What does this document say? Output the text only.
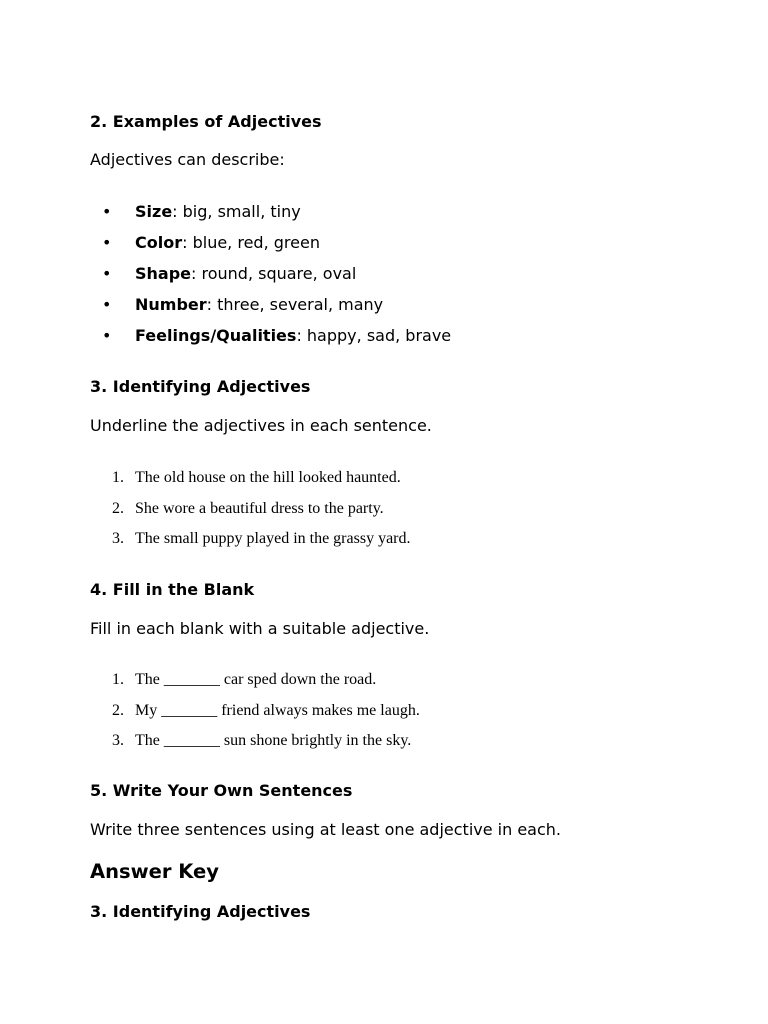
2. Examples of Adjectives

Adjectives can describe:

• Size: big, small, tiny
• Color: blue, red, green
• Shape: round, square, oval
• Number: three, several, many
• Feelings/Qualities: happy, sad, brave
3. Identifying Adjectives

Underline the adjectives in each sentence.

1. The old house on the hill looked haunted.
2. She wore a beautiful dress to the party.
3. The small puppy played in the grassy yard.
4. Fill in the Blank

Fill in each blank with a suitable adjective.

1. The _______ car sped down the road.
2. My _______ friend always makes me laugh.
3. The _______ sun shone brightly in the sky.
5. Write Your Own Sentences

Write three sentences using at least one adjective in each.

Answer Key
3. Identifying Adjectives
